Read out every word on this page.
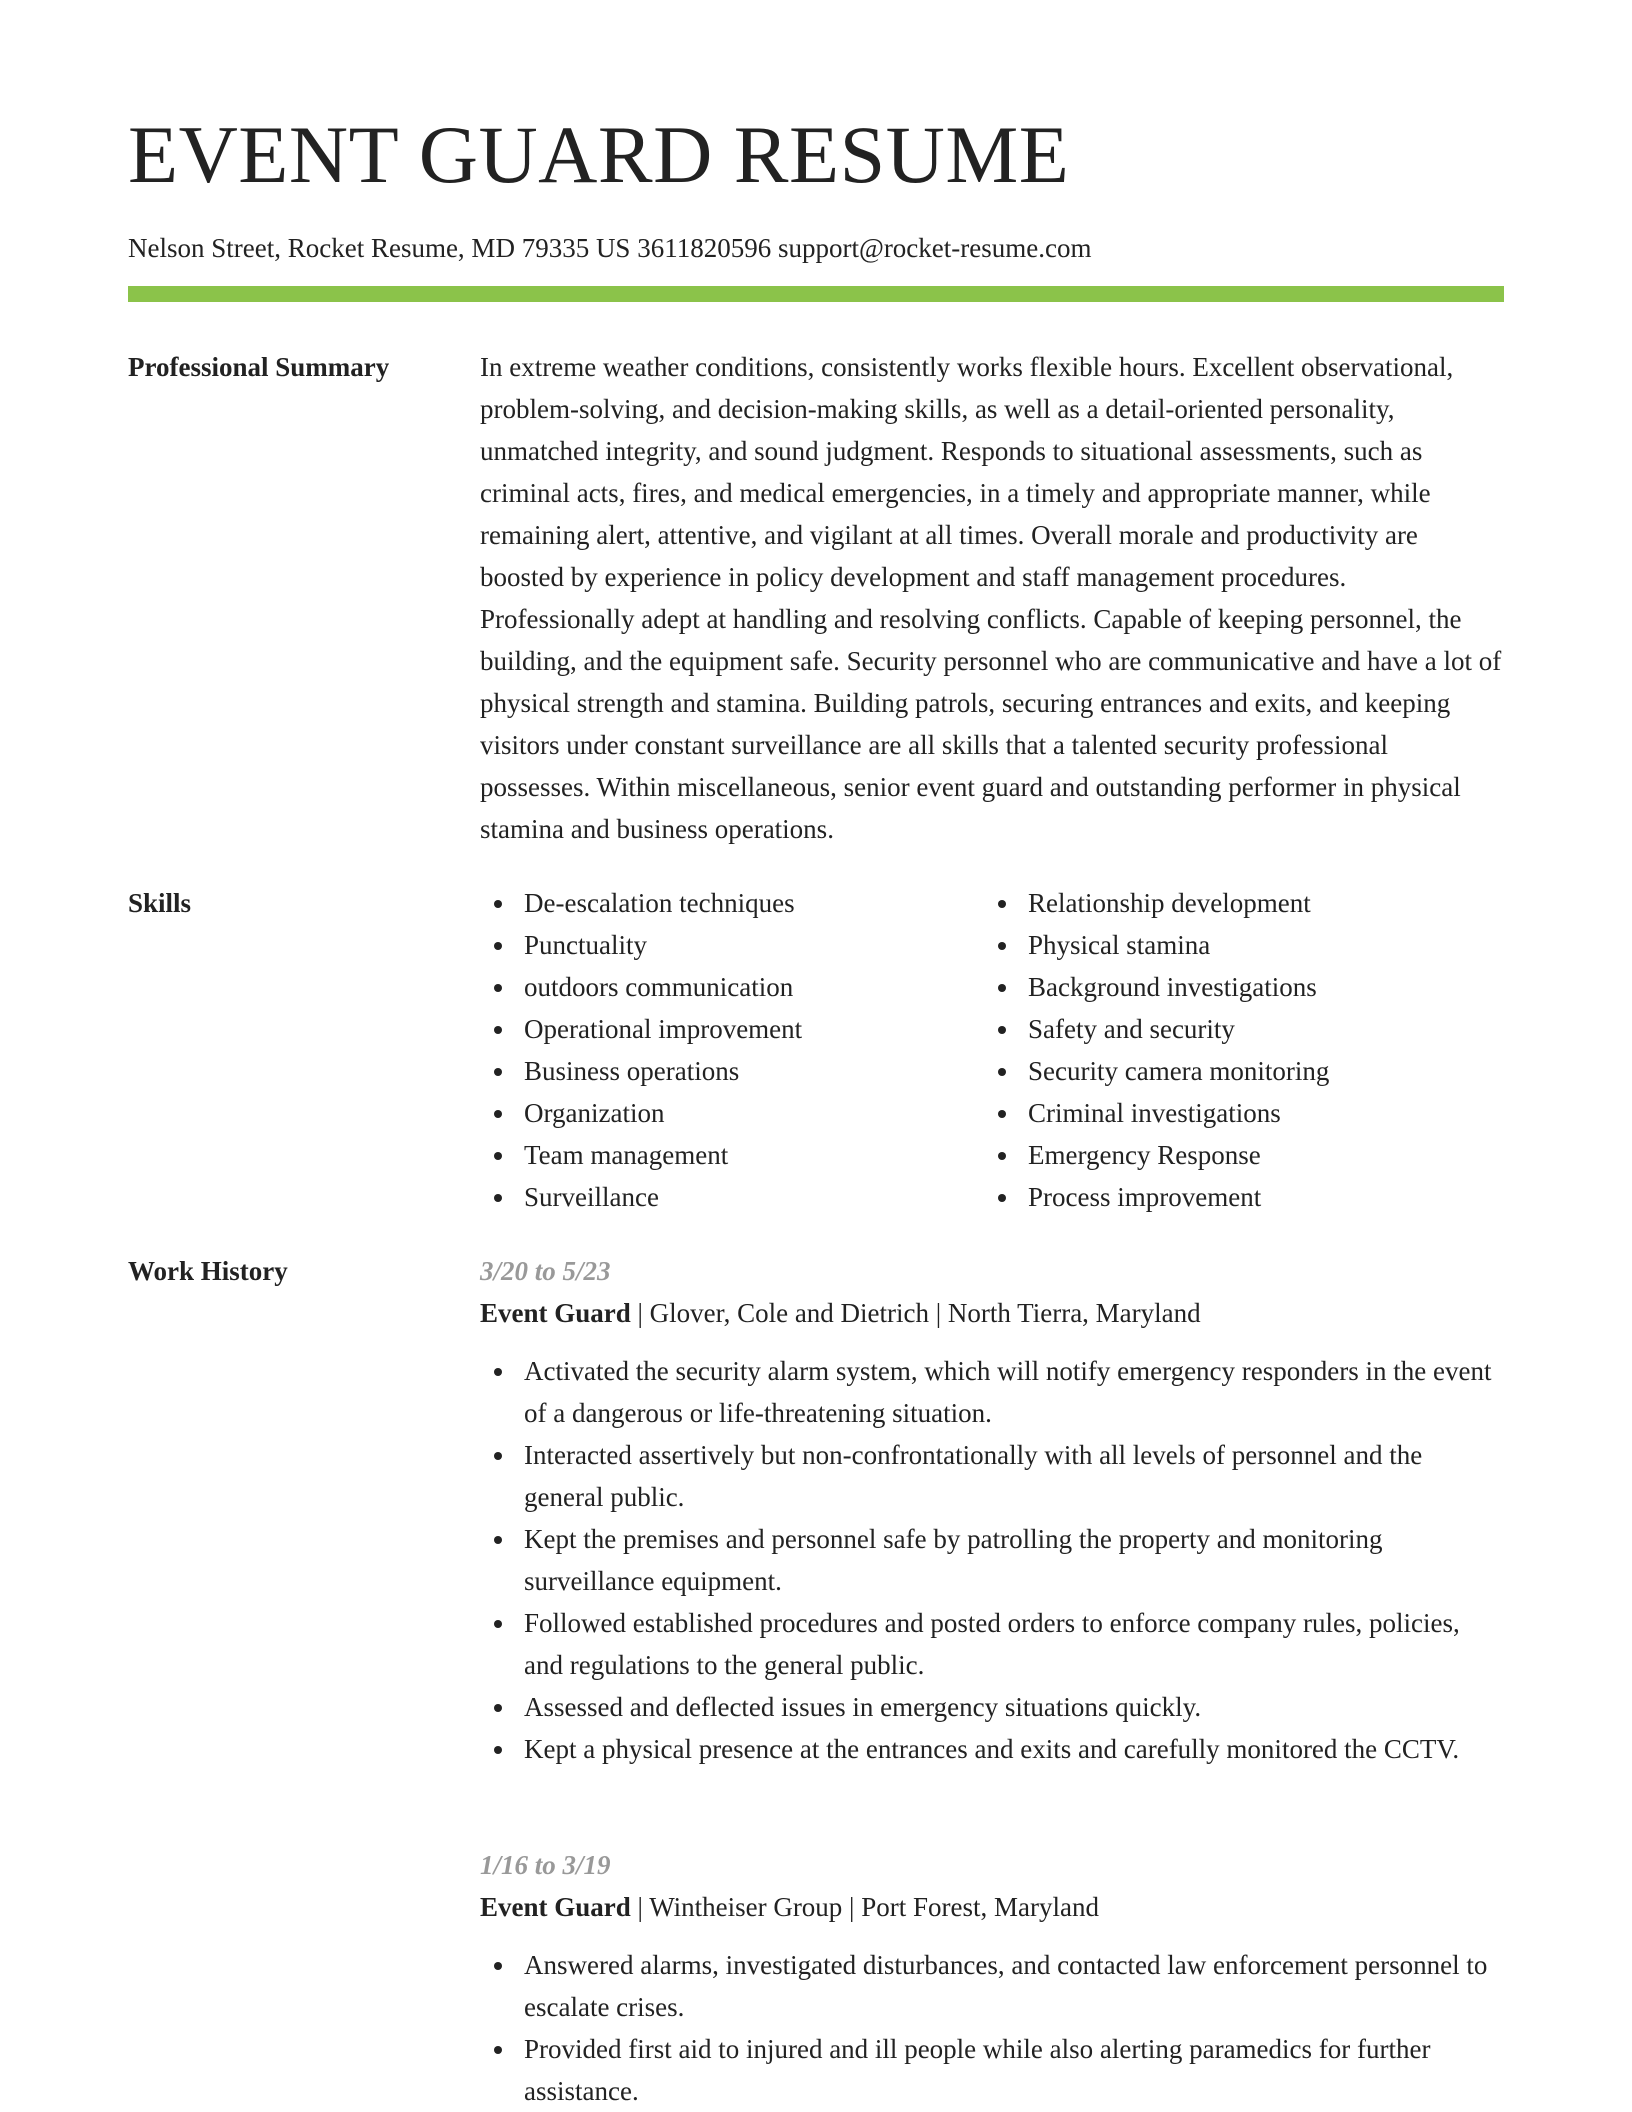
EVENT GUARD RESUME
Nelson Street, Rocket Resume, MD 79335 US 3611820596 support@rocket-resume.com
Professional Summary	In extreme weather conditions, consistently works flexible hours. Excellent observational, problem-solving, and decision-making skills, as well as a detail-oriented personality, unmatched integrity, and sound judgment. Responds to situational assessments, such as criminal acts, fires, and medical emergencies, in a timely and appropriate manner, while remaining alert, attentive, and vigilant at all times. Overall morale and productivity are boosted by experience in policy development and staff management procedures. Professionally adept at handling and resolving conflicts. Capable of keeping personnel, the building, and the equipment safe. Security personnel who are communicative and have a lot of physical strength and stamina. Building patrols, securing entrances and exits, and keeping visitors under constant surveillance are all skills that a talented security professional possesses. Within miscellaneous, senior event guard and outstanding performer in physical stamina and business operations.

Skills	De-escalation techniques
Punctuality
outdoors communication
Operational improvement
Business operations
Organization
Team management
Surveillance
Relationship development
Physical stamina
Background investigations
Safety and security
Security camera monitoring
Criminal investigations
Emergency Response
Process improvement
Work History	3/20 to 5/23
Event Guard | Glover, Cole and Dietrich | North Tierra, Maryland
Activated the security alarm system, which will notify emergency responders in the event of a dangerous or life-threatening situation.
Interacted assertively but non-confrontationally with all levels of personnel and the general public.
Kept the premises and personnel safe by patrolling the property and monitoring surveillance equipment.
Followed established procedures and posted orders to enforce company rules, policies, and regulations to the general public.
Assessed and deflected issues in emergency situations quickly.
Kept a physical presence at the entrances and exits and carefully monitored the CCTV.
1/16 to 3/19
Event Guard | Wintheiser Group | Port Forest, Maryland
Answered alarms, investigated disturbances, and contacted law enforcement personnel to escalate crises.
Provided first aid to injured and ill people while also alerting paramedics for further assistance.
